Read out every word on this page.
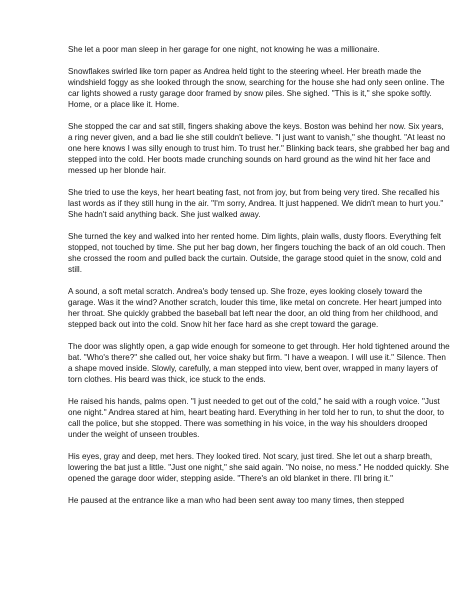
She let a poor man sleep in her garage for one night, not knowing he was a millionaire.

Snowflakes swirled like torn paper as Andrea held tight to the steering wheel. Her breath made the windshield foggy as she looked through the snow, searching for the house she had only seen online. The car lights showed a rusty garage door framed by snow piles. She sighed. "This is it," she spoke softly. Home, or a place like it. Home.

She stopped the car and sat still, fingers shaking above the keys. Boston was behind her now. Six years, a ring never given, and a bad lie she still couldn't believe. "I just want to vanish," she thought. "At least no one here knows I was silly enough to trust him. To trust her." Blinking back tears, she grabbed her bag and stepped into the cold. Her boots made crunching sounds on hard ground as the wind hit her face and messed up her blonde hair.

She tried to use the keys, her heart beating fast, not from joy, but from being very tired. She recalled his last words as if they still hung in the air. "I'm sorry, Andrea. It just happened. We didn't mean to hurt you." She hadn't said anything back. She just walked away.

She turned the key and walked into her rented home. Dim lights, plain walls, dusty floors. Everything felt stopped, not touched by time. She put her bag down, her fingers touching the back of an old couch. Then she crossed the room and pulled back the curtain. Outside, the garage stood quiet in the snow, cold and still.

A sound, a soft metal scratch. Andrea's body tensed up. She froze, eyes looking closely toward the garage. Was it the wind? Another scratch, louder this time, like metal on concrete. Her heart jumped into her throat. She quickly grabbed the baseball bat left near the door, an old thing from her childhood, and stepped back out into the cold. Snow hit her face hard as she crept toward the garage.

The door was slightly open, a gap wide enough for someone to get through. Her hold tightened around the bat. "Who's there?" she called out, her voice shaky but firm. "I have a weapon. I will use it." Silence. Then a shape moved inside. Slowly, carefully, a man stepped into view, bent over, wrapped in many layers of torn clothes. His beard was thick, ice stuck to the ends.

He raised his hands, palms open. "I just needed to get out of the cold," he said with a rough voice. "Just one night." Andrea stared at him, heart beating hard. Everything in her told her to run, to shut the door, to call the police, but she stopped. There was something in his voice, in the way his shoulders drooped under the weight of unseen troubles.

His eyes, gray and deep, met hers. They looked tired. Not scary, just tired. She let out a sharp breath, lowering the bat just a little. "Just one night," she said again. "No noise, no mess." He nodded quickly. She opened the garage door wider, stepping aside. "There's an old blanket in there. I'll bring it."

He paused at the entrance like a man who had been sent away too many times, then stepped
